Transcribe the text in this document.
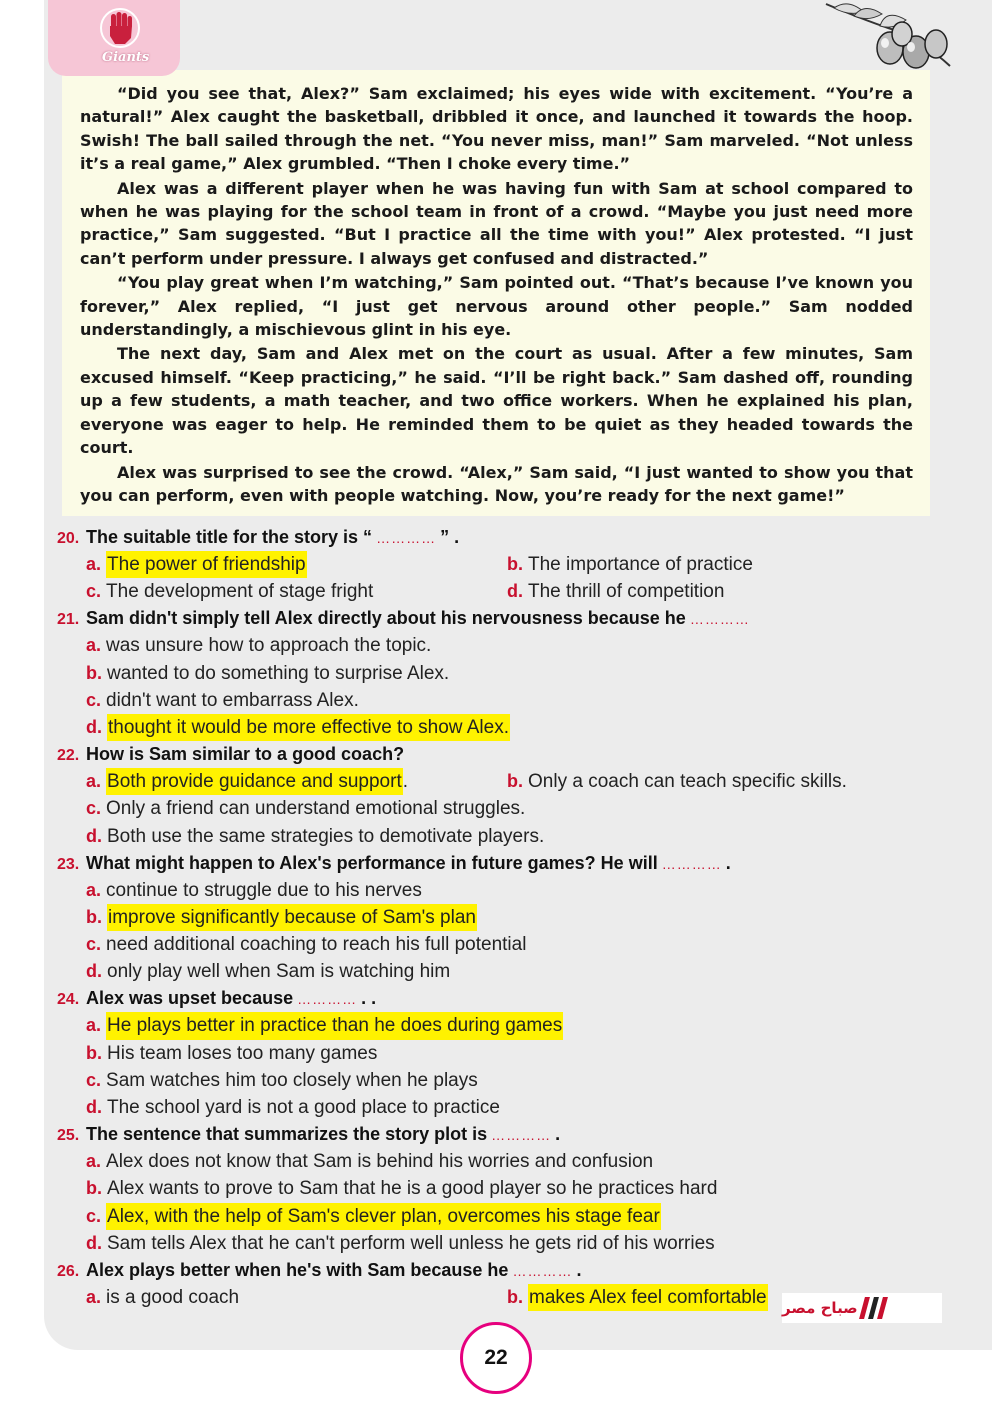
Giants

“Did you see that, Alex?” Sam exclaimed; his eyes wide with excitement. “You’re a natural!” Alex caught the basketball, dribbled it once, and launched it towards the hoop. Swish! The ball sailed through the net. “You never miss, man!” Sam marveled. “Not unless it’s a real game,” Alex grumbled. “Then I choke every time.”

Alex was a different player when he was having fun with Sam at school compared to when he was playing for the school team in front of a crowd. “Maybe you just need more practice,” Sam suggested. “But I practice all the time with you!” Alex protested. “I just can’t perform under pressure. I always get confused and distracted.”

“You play great when I’m watching,” Sam pointed out. “That’s because I’ve known you forever,” Alex replied, “I just get nervous around other people.” Sam nodded understandingly, a mischievous glint in his eye.

The next day, Sam and Alex met on the court as usual. After a few minutes, Sam excused himself. “Keep practicing,” he said. “I’ll be right back.” Sam dashed off, rounding up a few students, a math teacher, and two office workers. When he explained his plan, everyone was eager to help. He reminded them to be quiet as they headed towards the court.

Alex was surprised to see the crowd. “Alex,” Sam said, “I just wanted to show you that you can perform, even with people watching. Now, you’re ready for the next game!”

20. The suitable title for the story is “ ………… ” .
a. The power of friendship	b. The importance of practice
c. The development of stage fright	d. The thrill of competition
21. Sam didn't simply tell Alex directly about his nervousness because he …………
a. was unsure how to approach the topic.
b. wanted to do something to surprise Alex.
c. didn't want to embarrass Alex.
d. thought it would be more effective to show Alex.
22. How is Sam similar to a good coach?
a. Both provide guidance and support .	b. Only a coach can teach specific skills.
c. Only a friend can understand emotional struggles.
d. Both use the same strategies to demotivate players.
23. What might happen to Alex's performance in future games? He will ………… .
a. continue to struggle due to his nerves
b. improve significantly because of Sam's plan
c. need additional coaching to reach his full potential
d. only play well when Sam is watching him
24. Alex was upset because ………… . .
a. He plays better in practice than he does during games
b. His team loses too many games
c. Sam watches him too closely when he plays
d. The school yard is not a good place to practice
25. The sentence that summarizes the story plot is ………… .
a. Alex does not know that Sam is behind his worries and confusion
b. Alex wants to prove to Sam that he is a good player so he practices hard
c. Alex, with the help of Sam's clever plan, overcomes his stage fear
d. Sam tells Alex that he can't perform well unless he gets rid of his worries
26. Alex plays better when he's with Sam because he ………… .
a. is a good coach	b. makes Alex feel comfortable
صباح مصر
22
